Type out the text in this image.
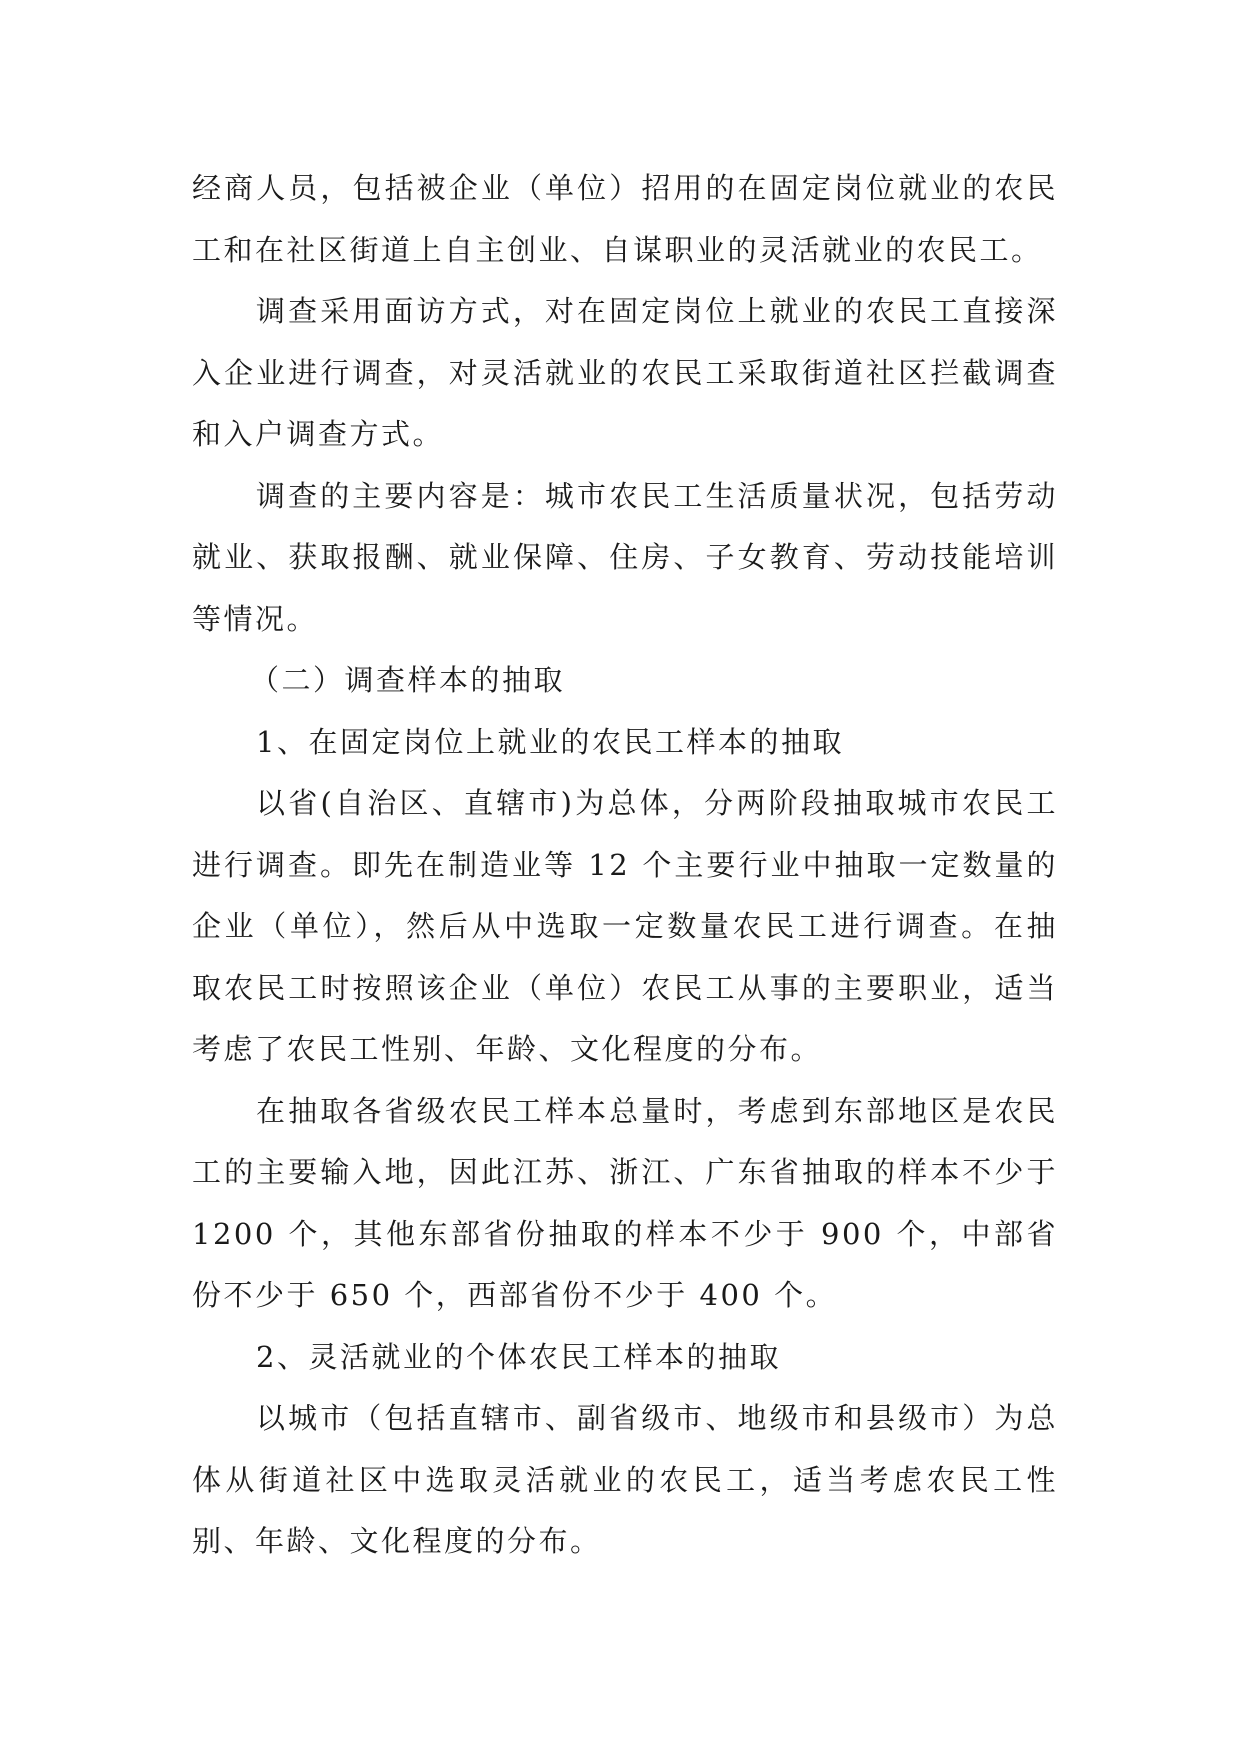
经商人员，包括被企业（单位）招用的在固定岗位就业的农民工和在社区街道上自主创业、自谋职业的灵活就业的农民工。

调查采用面访方式，对在固定岗位上就业的农民工直接深入企业进行调查，对灵活就业的农民工采取街道社区拦截调查和入户调查方式。

调查的主要内容是：城市农民工生活质量状况，包括劳动就业、获取报酬、就业保障、住房、子女教育、劳动技能培训等情况。

（二）调查样本的抽取

1、在固定岗位上就业的农民工样本的抽取

以省(自治区、直辖市)为总体，分两阶段抽取城市农民工进行调查。即先在制造业等 12 个主要行业中抽取一定数量的企业（单位），然后从中选取一定数量农民工进行调查。在抽取农民工时按照该企业（单位）农民工从事的主要职业，适当考虑了农民工性别、年龄、文化程度的分布。

在抽取各省级农民工样本总量时，考虑到东部地区是农民工的主要输入地，因此江苏、浙江、广东省抽取的样本不少于 1200 个，其他东部省份抽取的样本不少于 900 个，中部省份不少于 650 个，西部省份不少于 400 个。

2、灵活就业的个体农民工样本的抽取

以城市（包括直辖市、副省级市、地级市和县级市）为总体从街道社区中选取灵活就业的农民工，适当考虑农民工性别、年龄、文化程度的分布。
